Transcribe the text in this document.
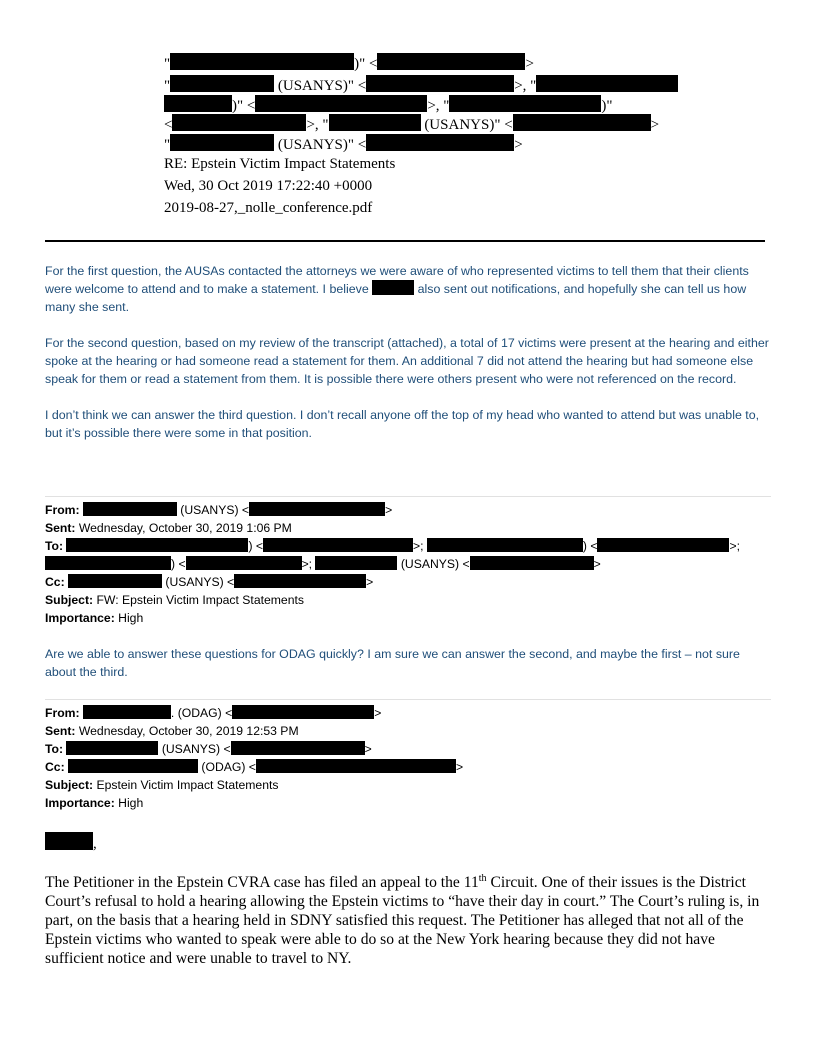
"	)" <	>
"	(USANYS)" <	>, "
)" <	>, "	)"
<	>, "	(USANYS)" <	>
"	(USANYS)" <	>
RE: Epstein Victim Impact Statements
Wed, 30 Oct 2019 17:22:40 +0000
2019-08-27,_nolle_conference.pdf

For the first question, the AUSAs contacted the attorneys we were aware of who represented victims to tell them that their clients were welcome to attend and to make a statement. I believe	also sent out notifications, and hopefully she can tell us how many she sent.

For the second question, based on my review of the transcript (attached), a total of 17 victims were present at the hearing and either spoke at the hearing or had someone read a statement for them. An additional 7 did not attend the hearing but had someone else speak for them or read a statement from them. It is possible there were others present who were not referenced on the record.

I don’t think we can answer the third question. I don’t recall anyone off the top of my head who wanted to attend but was unable to, but it’s possible there were some in that position.

From:	(USANYS) <	>
Sent: Wednesday, October 30, 2019 1:06 PM
To:	) <	>;	) <	>;
) <	>;	(USANYS) <	>
Cc:	(USANYS) <	>
Subject: FW: Epstein Victim Impact Statements
Importance: High

Are we able to answer these questions for ODAG quickly? I am sure we can answer the second, and maybe the first – not sure about the third.

From:	. (ODAG) <	>
Sent: Wednesday, October 30, 2019 12:53 PM
To:	(USANYS) <	>
Cc:	(ODAG) <	>
Subject: Epstein Victim Impact Statements
Importance: High
,
The Petitioner in the Epstein CVRA case has filed an appeal to the 11th Circuit. One of their issues is the District Court’s refusal to hold a hearing allowing the Epstein victims to “have their day in court.” The Court’s ruling is, in part, on the basis that a hearing held in SDNY satisfied this request. The Petitioner has alleged that not all of the Epstein victims who wanted to speak were able to do so at the New York hearing because they did not have sufficient notice and were unable to travel to NY.
